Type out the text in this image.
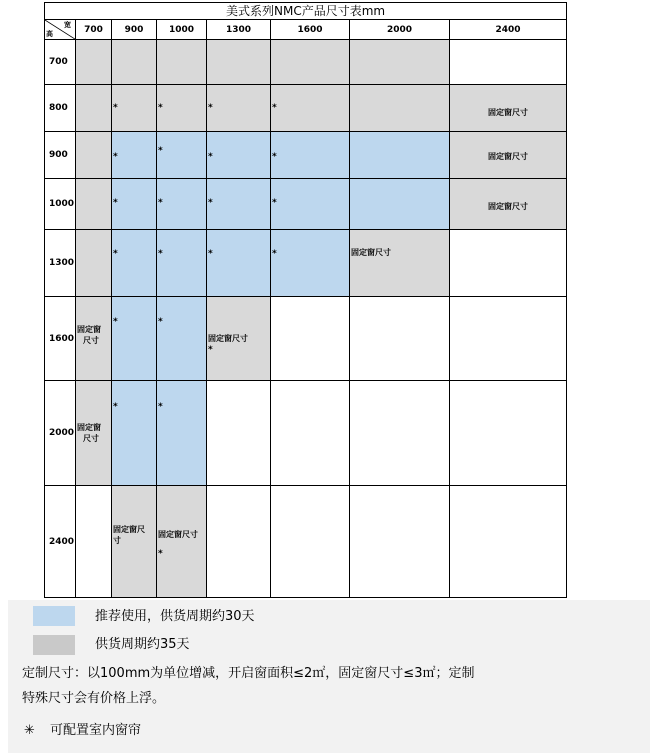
美式系列NMC产品尺寸表mm							

宽
高	700	900	1000	1300	1600	2000	2400
700							
800		*	*	*	*		固定窗尺寸

900		*	*	*	*		固定窗尺寸

1000		*	*	*	*		固定窗尺寸

1300		*	*	*	*	固定窗尺寸	

1600	固定窗
尺寸	*	*	固定窗尺寸
*			

2000	固定窗
尺寸	*	*				

2400		固定窗尺
寸	固定窗尺寸
*				

推荐使用，供货周期约30天
供货周期约35天
定制尺寸：以100mm为单位增减，开启窗面积≤2㎡，固定窗尺寸≤3㎡；定制
特殊尺寸会有价格上浮。
✳ 可配置室内窗帘
